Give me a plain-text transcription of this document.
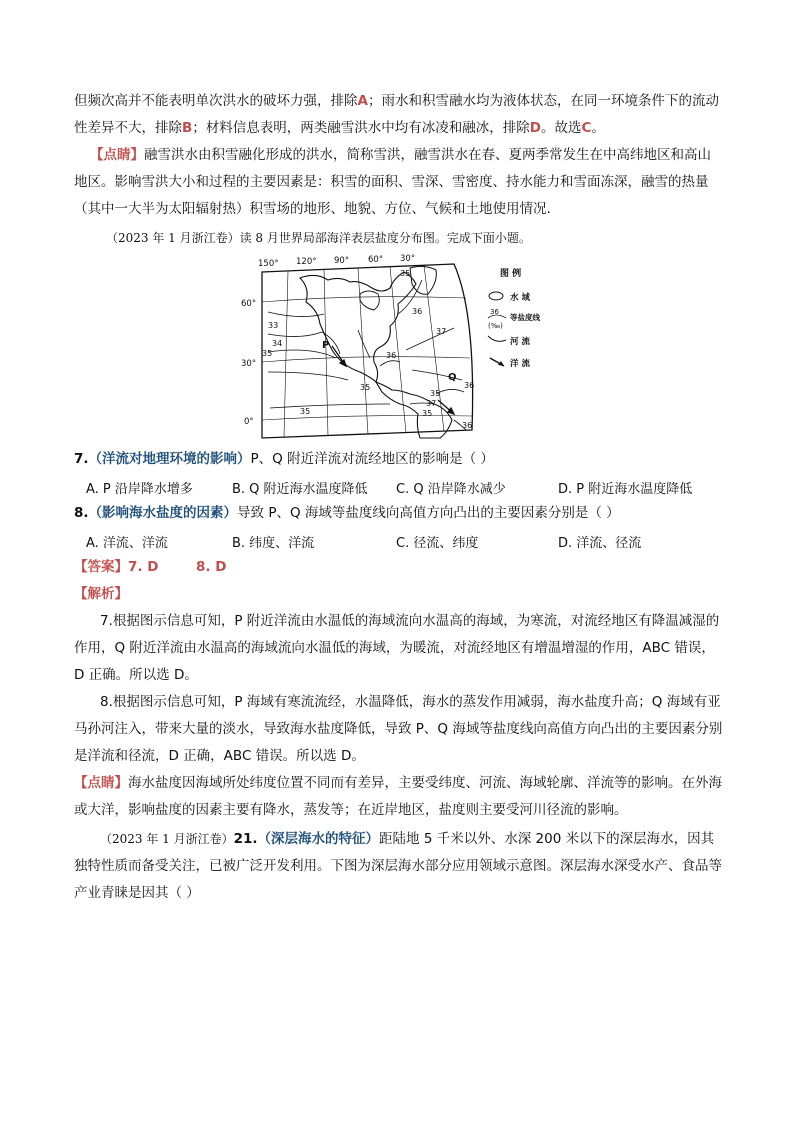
但频次高并不能表明单次洪水的破坏力强，排除A；雨水和积雪融水均为液体状态，在同一环境条件下的流动性差异不大，排除B；材料信息表明，两类融雪洪水中均有冰凌和融冰，排除D。故选C。

【点睛】融雪洪水由积雪融化形成的洪水，简称雪洪，融雪洪水在春、夏两季常发生在中高纬地区和高山地区。影响雪洪大小和过程的主要因素是：积雪的面积、雪深、雪密度、持水能力和雪面冻深，融雪的热量（其中一大半为太阳辐射热）积雪场的地形、地貌、方位、气候和土地使用情况.

（2023 年 1 月浙江卷）读 8 月世界局部海洋表层盐度分布图。完成下面小题。

150° 120° 90° 60° 30°
60°
30°
0°
33
34
35
35
35
35
36
37
36
36
35
37
36
35
P
Q
图 例
水 域
36
(‰)
等盐度线
河 流
洋 流

7.（洋流对地理环境的影响）P、Q 附近洋流对流经地区的影响是（ ）

A. P 沿岸降水增多	B. Q 附近海水温度降低 C. Q 沿岸降水减少	D. P 附近海水温度降低

8.（影响海水盐度的因素）导致 P、Q 海域等盐度线向高值方向凸出的主要因素分别是（ ）

A. 洋流、洋流	B. 纬度、洋流	C. 径流、纬度	D. 洋流、径流

【答案】7. D        8. D

【解析】

7.根据图示信息可知，P 附近洋流由水温低的海域流向水温高的海域，为寒流，对流经地区有降温减湿的作用，Q 附近洋流由水温高的海域流向水温低的海域，为暖流，对流经地区有增温增湿的作用，ABC 错误，D 正确。所以选 D。

8.根据图示信息可知，P 海域有寒流流经，水温降低，海水的蒸发作用减弱，海水盐度升高；Q 海域有亚马孙河注入，带来大量的淡水，导致海水盐度降低，导致 P、Q 海域等盐度线向高值方向凸出的主要因素分别是洋流和径流，D 正确，ABC 错误。所以选 D。

【点睛】海水盐度因海域所处纬度位置不同而有差异，主要受纬度、河流、海域轮廓、洋流等的影响。在外海或大洋，影响盐度的因素主要有降水，蒸发等；在近岸地区，盐度则主要受河川径流的影响。

（2023 年 1 月浙江卷）21.（深层海水的特征）距陆地 5 千米以外、水深 200 米以下的深层海水，因其独特性质而备受关注，已被广泛开发利用。下图为深层海水部分应用领域示意图。深层海水深受水产、食品等产业青睐是因其（ ）
